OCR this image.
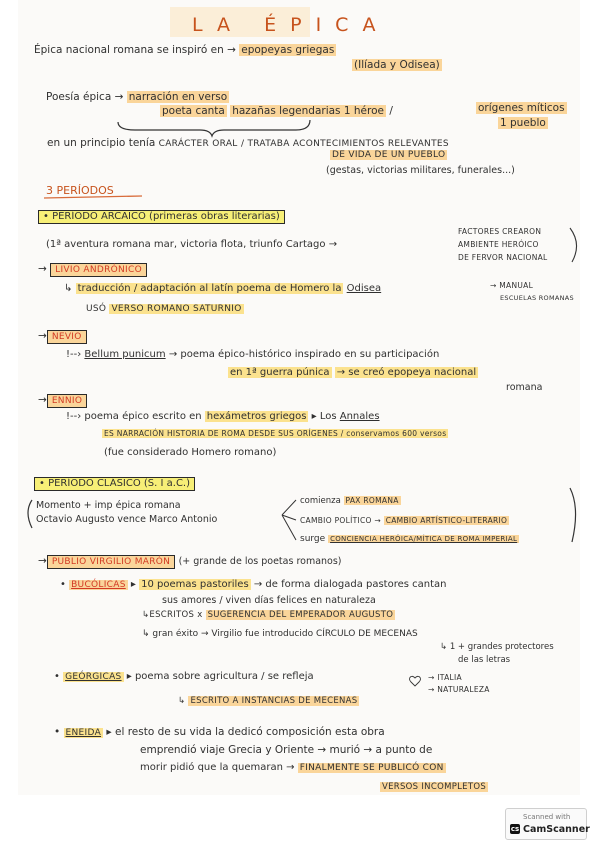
LA ÉPICA
Épica nacional romana se inspiró en → epopeyas griegas
(Ilíada y Odisea)
Poesía épica → narración en verso
poeta canta hazañas legendarias 1 héroe /	orígenes míticos
1 pueblo
en un principio tenía CARÁCTER ORAL / TRATABA ACONTECIMIENTOS RELEVANTES
DE VIDA DE UN PUEBLO
(gestas, victorias militares, funerales...)
3 PERÍODOS
• PERÍODO ARCAICO (primeras obras literarias)
(1ª aventura romana mar, victoria flota, triunfo Cartago →
FACTORES CREARON
AMBIENTE HERÓICO
DE FERVOR NACIONAL
→ LIVIO ANDRÓNICO
↳ traducción / adaptación al latín poema de Homero la Odisea	→ MANUAL
ESCUELAS ROMANAS
USÓ VERSO ROMANO SATURNIO
→ NEVIO
!--› Bellum punicum → poema épico-histórico inspirado en su participación
en 1ª guerra púnica → se creó epopeya nacional
romana
→ ENNIO
!--› poema épico escrito en hexámetros griegos ▸ Los Annales
ES NARRACIÓN HISTORIA DE ROMA DESDE SUS ORÍGENES / conservamos 600 versos
(fue considerado Homero romano)
• PERÍODO CLÁSICO (S. I a.C.)
Momento + imp épica romana
Octavio Augusto vence Marco Antonio
comienza PAX ROMANA
CAMBIO POLÍTICO → CAMBIO ARTÍSTICO-LITERARIO
surge CONCIENCIA HERÓICA/MÍTICA DE ROMA IMPERIAL
→ PUBLIO VIRGILIO MARÓN (+ grande de los poetas romanos)
• BUCÓLICAS ▸ 10 poemas pastoriles → de forma dialogada pastores cantan
sus amores / viven días felices en naturaleza
↳ESCRITOS x SUGERENCIA DEL EMPERADOR AUGUSTO
↳ gran éxito → Virgilio fue introducido CÍRCULO DE MECENAS
↳ 1 + grandes protectores
de las letras
• GEÓRGICAS ▸ poema sobre agricultura / se refleja	→ ITALIA
→ NATURALEZA
↳ ESCRITO A INSTANCIAS DE MECENAS
• ENEIDA ▸ el resto de su vida la dedicó composición esta obra
emprendió viaje Grecia y Oriente → murió → a punto de
morir pidió que la quemaran → FINALMENTE SE PUBLICÓ CON
VERSOS INCOMPLETOS
Scanned with
cs CamScanner
